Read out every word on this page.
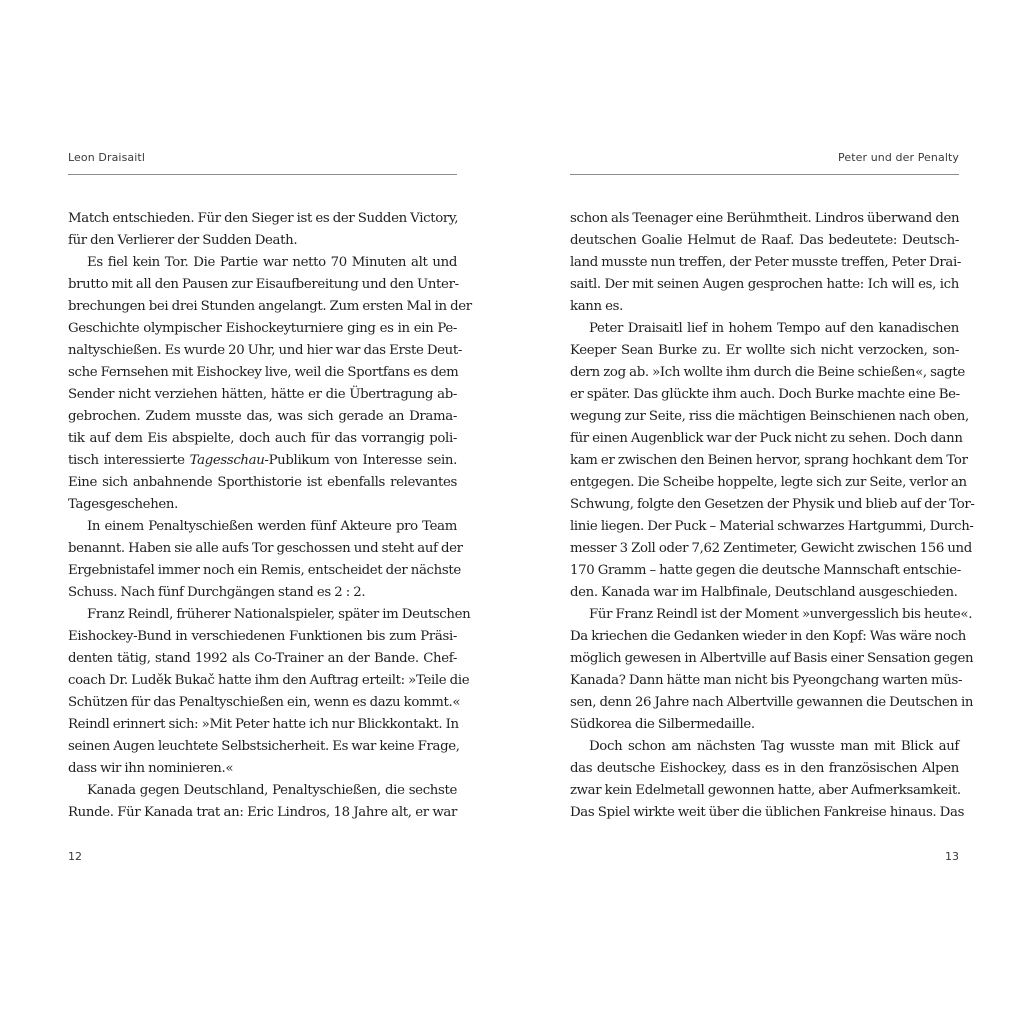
Leon Draisaitl
Match entschieden. Für den Sieger ist es der Sudden Victory,
für den Verlierer der Sudden Death.
Es fiel kein Tor. Die Partie war netto 70 Minuten alt und
brutto mit all den Pausen zur Eisaufbereitung und den Unter-
brechungen bei drei Stunden angelangt. Zum ersten Mal in der
Geschichte olympischer Eishockeyturniere ging es in ein Pe-
naltyschießen. Es wurde 20 Uhr, und hier war das Erste Deut-
sche Fernsehen mit Eishockey live, weil die Sportfans es dem
Sender nicht verziehen hätten, hätte er die Übertragung ab-
gebrochen. Zudem musste das, was sich gerade an Drama-
tik auf dem Eis abspielte, doch auch für das vorrangig poli-
tisch interessierte Tagesschau-Publikum von Interesse sein.
Eine sich anbahnende Sporthistorie ist ebenfalls relevantes
Tagesgeschehen.
In einem Penaltyschießen werden fünf Akteure pro Team
benannt. Haben sie alle aufs Tor geschossen und steht auf der
Ergebnistafel immer noch ein Remis, entscheidet der nächste
Schuss. Nach fünf Durchgängen stand es 2 : 2.
Franz Reindl, früherer Nationalspieler, später im Deutschen
Eishockey-Bund in verschiedenen Funktionen bis zum Präsi-
denten tätig, stand 1992 als Co-Trainer an der Bande. Chef-
coach Dr. Luděk Bukač hatte ihm den Auftrag erteilt: »Teile die
Schützen für das Penaltyschießen ein, wenn es dazu kommt.«
Reindl erinnert sich: »Mit Peter hatte ich nur Blickkontakt. In
seinen Augen leuchtete Selbstsicherheit. Es war keine Frage,
dass wir ihn nominieren.«
Kanada gegen Deutschland, Penaltyschießen, die sechste
Runde. Für Kanada trat an: Eric Lindros, 18 Jahre alt, er war
12
Peter und der Penalty
schon als Teenager eine Berühmtheit. Lindros überwand den
deutschen Goalie Helmut de Raaf. Das bedeutete: Deutsch-
land musste nun treffen, der Peter musste treffen, Peter Drai-
saitl. Der mit seinen Augen gesprochen hatte: Ich will es, ich
kann es.
Peter Draisaitl lief in hohem Tempo auf den kanadischen
Keeper Sean Burke zu. Er wollte sich nicht verzocken, son-
dern zog ab. »Ich wollte ihm durch die Beine schießen«, sagte
er später. Das glückte ihm auch. Doch Burke machte eine Be-
wegung zur Seite, riss die mächtigen Beinschienen nach oben,
für einen Augenblick war der Puck nicht zu sehen. Doch dann
kam er zwischen den Beinen hervor, sprang hochkant dem Tor
entgegen. Die Scheibe hoppelte, legte sich zur Seite, verlor an
Schwung, folgte den Gesetzen der Physik und blieb auf der Tor-
linie liegen. Der Puck – Material schwarzes Hartgummi, Durch-
messer 3 Zoll oder 7,62 Zentimeter, Gewicht zwischen 156 und
170 Gramm – hatte gegen die deutsche Mannschaft entschie-
den. Kanada war im Halbfinale, Deutschland ausgeschieden.
Für Franz Reindl ist der Moment »unvergesslich bis heute«.
Da kriechen die Gedanken wieder in den Kopf: Was wäre noch
möglich gewesen in Albertville auf Basis einer Sensation gegen
Kanada? Dann hätte man nicht bis Pyeongchang warten müs-
sen, denn 26 Jahre nach Albertville gewannen die Deutschen in
Südkorea die Silbermedaille.
Doch schon am nächsten Tag wusste man mit Blick auf
das deutsche Eishockey, dass es in den französischen Alpen
zwar kein Edelmetall gewonnen hatte, aber Aufmerksamkeit.
Das Spiel wirkte weit über die üblichen Fankreise hinaus. Das
13
